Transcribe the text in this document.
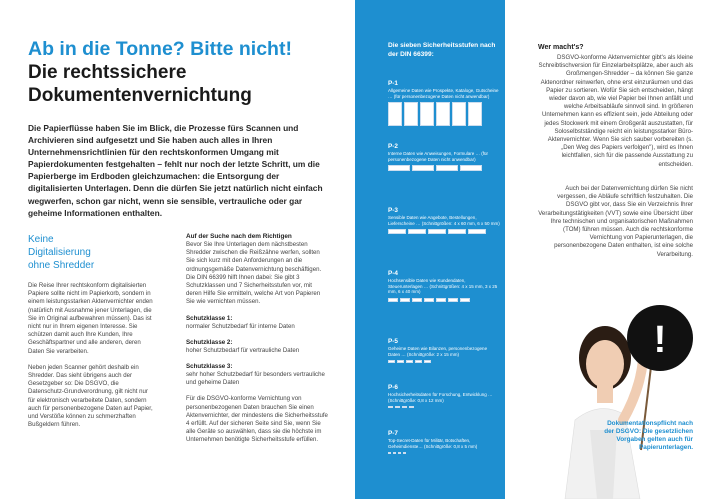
Ab in die Tonne? Bitte nicht!
Die rechtssichere
Dokumentenvernichtung

Die Papierflüsse haben Sie im Blick, die Prozesse fürs Scannen und Archivieren sind aufgesetzt und Sie haben auch alles in Ihren Unternehmensrichtlinien für den rechtskonformen Umgang mit Papierdokumenten festgehalten – fehlt nur noch der letzte Schritt, um die Papierberge im Erdboden gleichzumachen: die Entsorgung der digitalisierten Unterlagen. Denn die dürfen Sie jetzt natürlich nicht einfach wegwerfen, schon gar nicht, wenn sie sensible, vertrauliche oder gar geheime Informationen enthalten.

Keine Digitalisierung ohne Shredder

Die Reise Ihrer rechtskonform digitalisierten Papiere sollte nicht im Papierkorb, sondern in einem leistungsstarken Aktenvernichter enden (natürlich mit Ausnahme jener Unterlagen, die Sie im Original aufbewahren müssen). Das ist nicht nur in Ihrem eigenen Interesse. Sie schützen damit auch Ihre Kunden, Ihre Geschäftspartner und alle anderen, deren Daten Sie verarbeiten.

Neben jeden Scanner gehört deshalb ein Shredder. Das sieht übrigens auch der Gesetzgeber so: Die DSGVO, die Datenschutz-Grundverordnung, gilt nicht nur für elektronisch verarbeitete Daten, sondern auch für personenbezogene Daten auf Papier, und Verstöße können zu schmerzhaften Bußgeldern führen.

Auf der Suche nach dem Richtigen

Bevor Sie Ihre Unterlagen dem nächstbesten Shredder zwischen die Reißzähne werfen, sollten Sie sich kurz mit den Anforderungen an die ordnungsgemäße Datenvernichtung beschäftigen. Die DIN 66399 hilft Ihnen dabei: Sie gibt 3 Schutzklassen und 7 Sicherheitsstufen vor, mit deren Hilfe Sie ermitteln, welche Art von Papieren Sie wie vernichten müssen.

Schutzklasse 1:

normaler Schutzbedarf für interne Daten

Schutzklasse 2:

hoher Schutzbedarf für vertrauliche Daten

Schutzklasse 3:

sehr hoher Schutzbedarf für besonders vertrauliche und geheime Daten

Für die DSGVO-konforme Vernichtung von personenbezogenen Daten brauchen Sie einen Aktenvernichter, der mindestens die Sicherheitsstufe 4 erfüllt. Auf der sicheren Seite sind Sie, wenn Sie alle Geräte so auswählen, dass sie die höchste im Unternehmen benötigte Sicherheitsstufe erfüllen.

Die sieben Sicherheitsstufen nach der DIN 66399:
P-1
Allgemeine Daten wie Prospekte, Kataloge, Gutscheine … (für personenbezogene Daten nicht anwendbar)
P-2
Interne Daten wie Anweisungen, Formulare … (für personenbezogene Daten nicht anwendbar)
P-3
Sensible Daten wie Angebote, Bestellungen, Lieferscheine … (Schnittgrößen: 4 x 60 mm, 6 x 50 mm)
P-4
Hochsensible Daten wie Kundendaten, Steuerunterlagen … (Schnittgrößen: 4 x 15 mm, 3 x 25 mm, 6 x 40 mm)
P-5
Geheime Daten wie Bilanzen, personenbezogene Daten … (Schnittgröße: 2 x 15 mm)
P-6
Hochsicherheitsdaten für Forschung, Entwicklung … (Schnittgröße: 0,8 x 12 mm)
P-7
Top-Secret-Daten für Militär, Botschaften, Geheimdienste… (Schnittgröße: 0,8 x 5 mm)
Wer macht's?

DSGVO-konforme Aktenvernichter gibt's als kleine Schreibtischversion für Einzelarbeitsplätze, aber auch als Großmengen-Shredder – da können Sie ganze Aktenordner reinwerfen, ohne erst einzuräumen und das Papier zu sortieren. Wofür Sie sich entscheiden, hängt wieder davon ab, wie viel Papier bei Ihnen anfällt und welche Arbeitsabläufe sinnvoll sind. In größeren Unternehmen kann es effizient sein, jede Abteilung oder jedes Stockwerk mit einem Großgerät auszustatten, für Soloselbstständige reicht ein leistungsstarker Büro-Aktenvernichter. Wenn Sie sich sauber vorbereiten (s. „Den Weg des Papiers verfolgen"), wird es Ihnen leichtfallen, sich für die passende Ausstattung zu entscheiden.

Auch bei der Datenvernichtung dürfen Sie nicht vergessen, die Abläufe schriftlich festzuhalten. Die DSGVO gibt vor, dass Sie ein Verzeichnis Ihrer Verarbeitungstätigkeiten (VVT) sowie eine Übersicht über Ihre technischen und organisatorischen Maßnahmen (TOM) führen müssen. Auch die rechtskonforme Vernichtung von Papierunterlagen, die personenbezogene Daten enthalten, ist eine solche Verarbeitung.

!
Dokumentationspflicht nach der DSGVO: Die gesetzlichen Vorgaben gelten auch für Papierunterlagen.
